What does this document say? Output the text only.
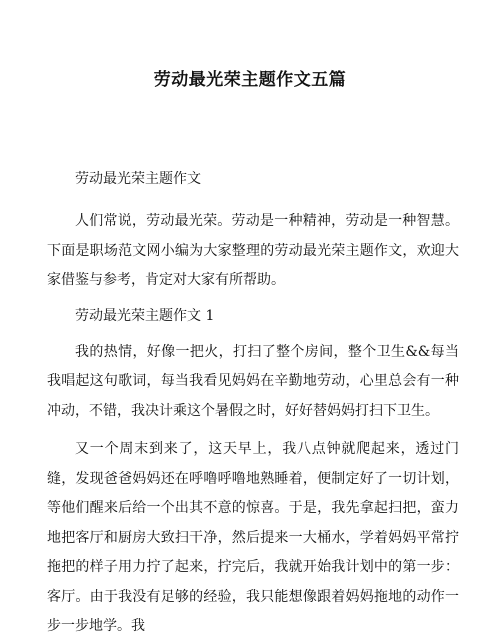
劳动最光荣主题作文五篇

劳动最光荣主题作文

人们常说，劳动最光荣。劳动是一种精神，劳动是一种智慧。下面是职场范文网小编为大家整理的劳动最光荣主题作文，欢迎大家借鉴与参考，肯定对大家有所帮助。

劳动最光荣主题作文 1

我的热情，好像一把火，打扫了整个房间，整个卫生&&每当我唱起这句歌词，每当我看见妈妈在辛勤地劳动，心里总会有一种冲动，不错，我决计乘这个暑假之时，好好替妈妈打扫下卫生。

又一个周末到来了，这天早上，我八点钟就爬起来，透过门缝，发现爸爸妈妈还在呼噜呼噜地熟睡着，便制定好了一切计划，等他们醒来后给一个出其不意的惊喜。于是，我先拿起扫把，蛮力地把客厅和厨房大致扫干净，然后提来一大桶水，学着妈妈平常拧拖把的样子用力拧了起来，拧完后，我就开始我计划中的第一步：客厅。由于我没有足够的经验，我只能想像跟着妈妈拖地的动作一步一步地学。我
